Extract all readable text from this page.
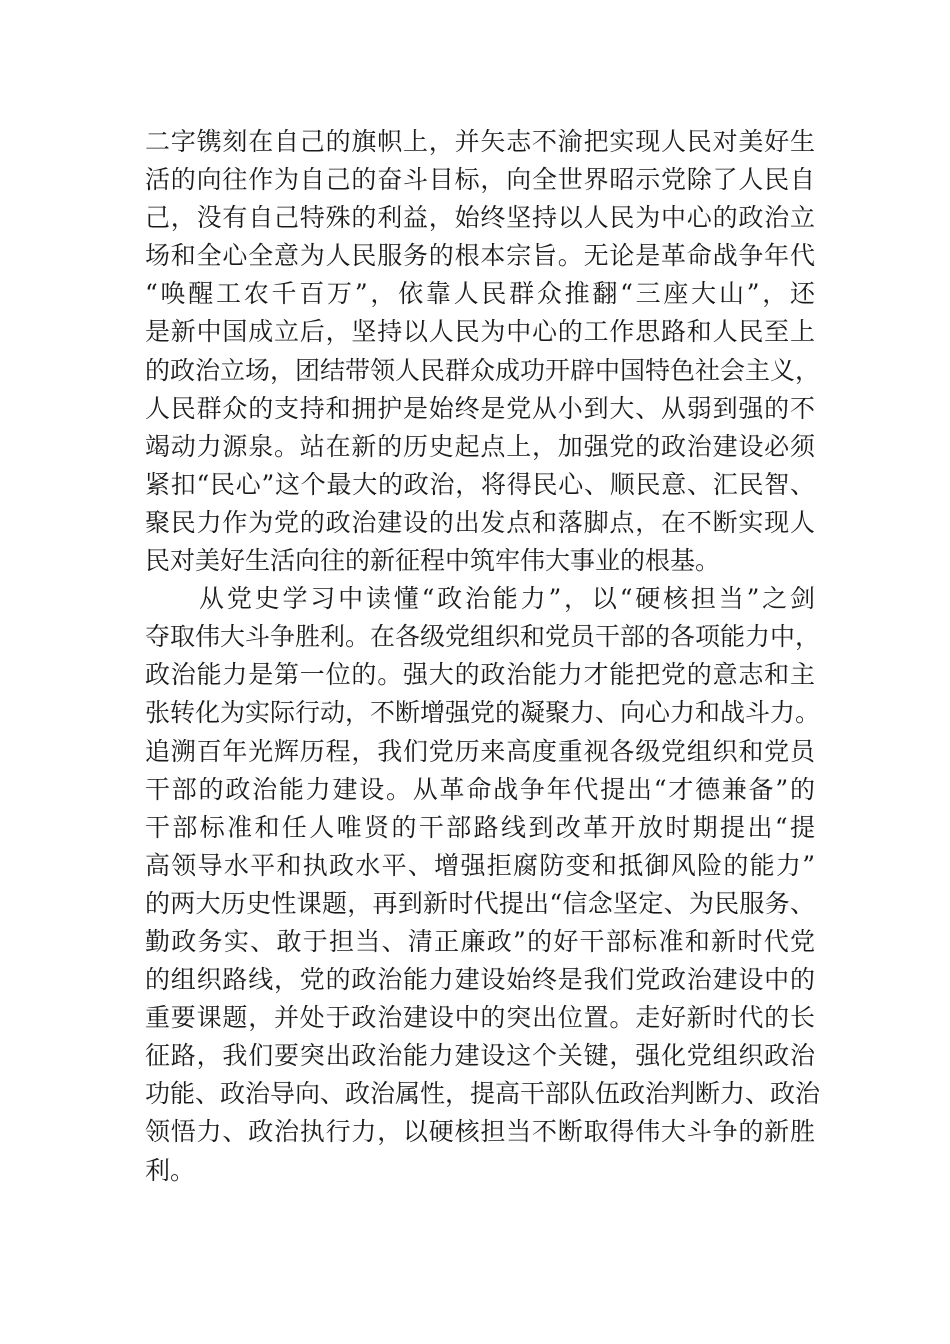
二字镌刻在自己的旗帜上，并矢志不渝把实现人民对美好生
活的向往作为自己的奋斗目标，向全世界昭示党除了人民自
己，没有自己特殊的利益，始终坚持以人民为中心的政治立
场和全心全意为人民服务的根本宗旨。无论是革命战争年代
“唤醒工农千百万”，依靠人民群众推翻“三座大山”，还
是新中国成立后，坚持以人民为中心的工作思路和人民至上
的政治立场，团结带领人民群众成功开辟中国特色社会主义，
人民群众的支持和拥护是始终是党从小到大、从弱到强的不
竭动力源泉。站在新的历史起点上，加强党的政治建设必须
紧扣“民心”这个最大的政治，将得民心、顺民意、汇民智、
聚民力作为党的政治建设的出发点和落脚点，在不断实现人
民对美好生活向往的新征程中筑牢伟大事业的根基。
从党史学习中读懂“政治能力”，以“硬核担当”之剑
夺取伟大斗争胜利。在各级党组织和党员干部的各项能力中，
政治能力是第一位的。强大的政治能力才能把党的意志和主
张转化为实际行动，不断增强党的凝聚力、向心力和战斗力。
追溯百年光辉历程，我们党历来高度重视各级党组织和党员
干部的政治能力建设。从革命战争年代提出“才德兼备”的
干部标准和任人唯贤的干部路线到改革开放时期提出“提
高领导水平和执政水平、增强拒腐防变和抵御风险的能力”
的两大历史性课题，再到新时代提出“信念坚定、为民服务、
勤政务实、敢于担当、清正廉政”的好干部标准和新时代党
的组织路线，党的政治能力建设始终是我们党政治建设中的
重要课题，并处于政治建设中的突出位置。走好新时代的长
征路，我们要突出政治能力建设这个关键，强化党组织政治
功能、政治导向、政治属性，提高干部队伍政治判断力、政治
领悟力、政治执行力，以硬核担当不断取得伟大斗争的新胜
利。
